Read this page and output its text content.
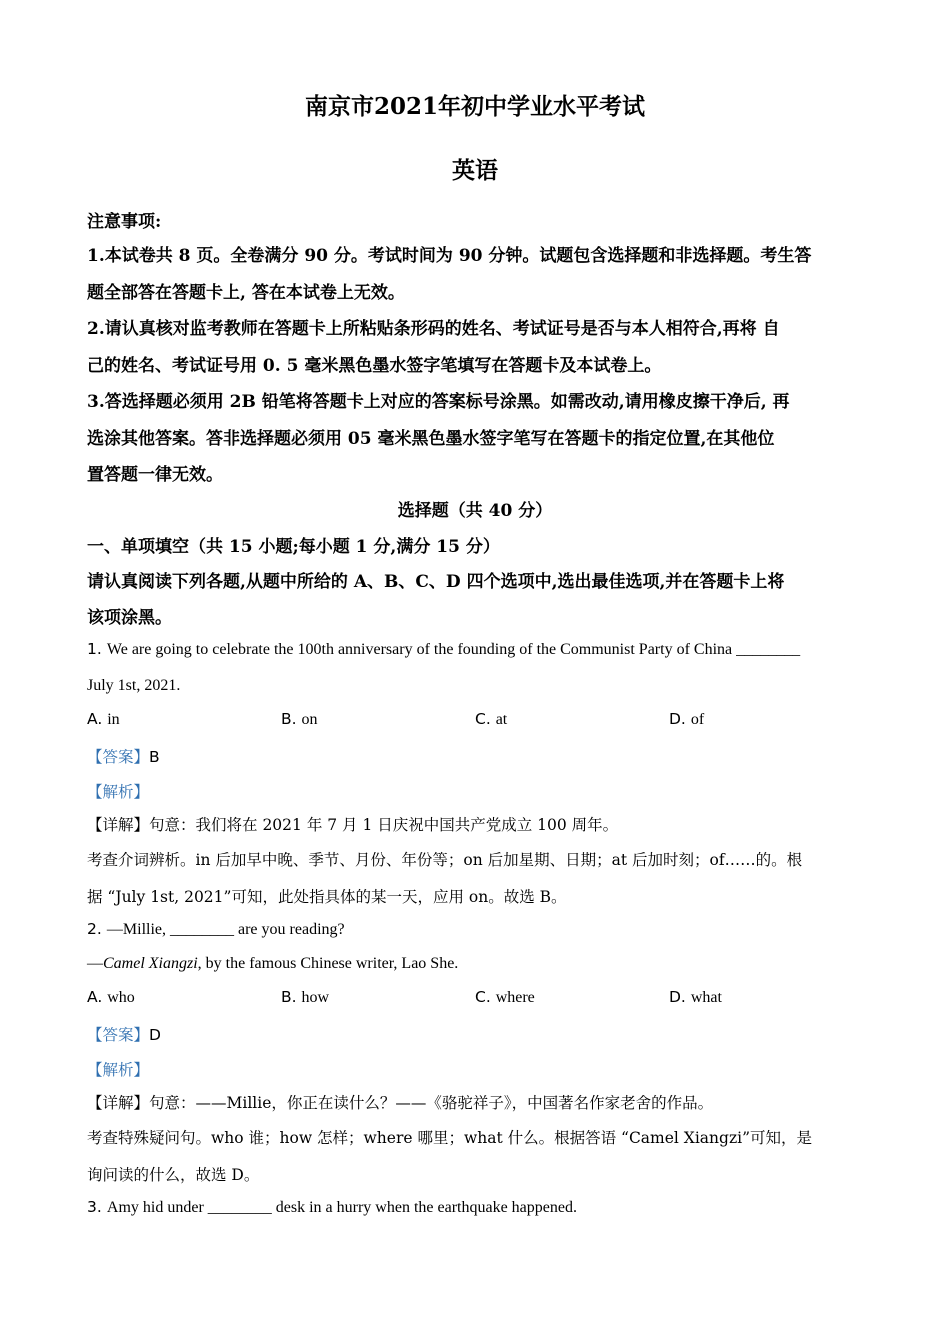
南京市2021年初中学业水平考试
英语
注意事项:
1.本试卷共 8 页。全卷满分 90 分。考试时间为 90 分钟。试题包含选择题和非选择题。考生答
题全部答在答题卡上, 答在本试卷上无效。
2.请认真核对监考教师在答题卡上所粘贴条形码的姓名、考试证号是否与本人相符合,再将 自
己的姓名、考试证号用 0. 5 毫米黑色墨水签字笔填写在答题卡及本试卷上。
3.答选择题必须用 2B 铅笔将答题卡上对应的答案标号涂黑。如需改动,请用橡皮擦干净后, 再
选涂其他答案。答非选择题必须用 05 毫米黑色墨水签字笔写在答题卡的指定位置,在其他位
置答题一律无效。
选择题（共 40 分）
一、单项填空（共 15 小题;每小题 1 分,满分 15 分）
请认真阅读下列各题,从题中所给的 A、B、C、D 四个选项中,选出最佳选项,并在答题卡上将
该项涂黑。
1. We are going to celebrate the 100th anniversary of the founding of the Communist Party of China ________
July 1st, 2021.
A. in	B. on	C. at	D. of
【答案】B
【解析】
【详解】句意：我们将在 2021 年 7 月 1 日庆祝中国共产党成立 100 周年。
考查介词辨析。in 后加早中晚、季节、月份、年份等；on 后加星期、日期；at 后加时刻；of……的。根
据 “July 1st, 2021”可知，此处指具体的某一天，应用 on。故选 B。
2. —Millie, ________ are you reading?
—Camel Xiangzi, by the famous Chinese writer, Lao She.
A. who	B. how	C. where	D. what
【答案】D
【解析】
【详解】句意：——Millie，你正在读什么？——《骆驼祥子》，中国著名作家老舍的作品。
考查特殊疑问句。who 谁；how 怎样；where 哪里；what 什么。根据答语 “Camel Xiangzi”可知，是
询问读的什么，故选 D。
3. Amy hid under ________ desk in a hurry when the earthquake happened.
